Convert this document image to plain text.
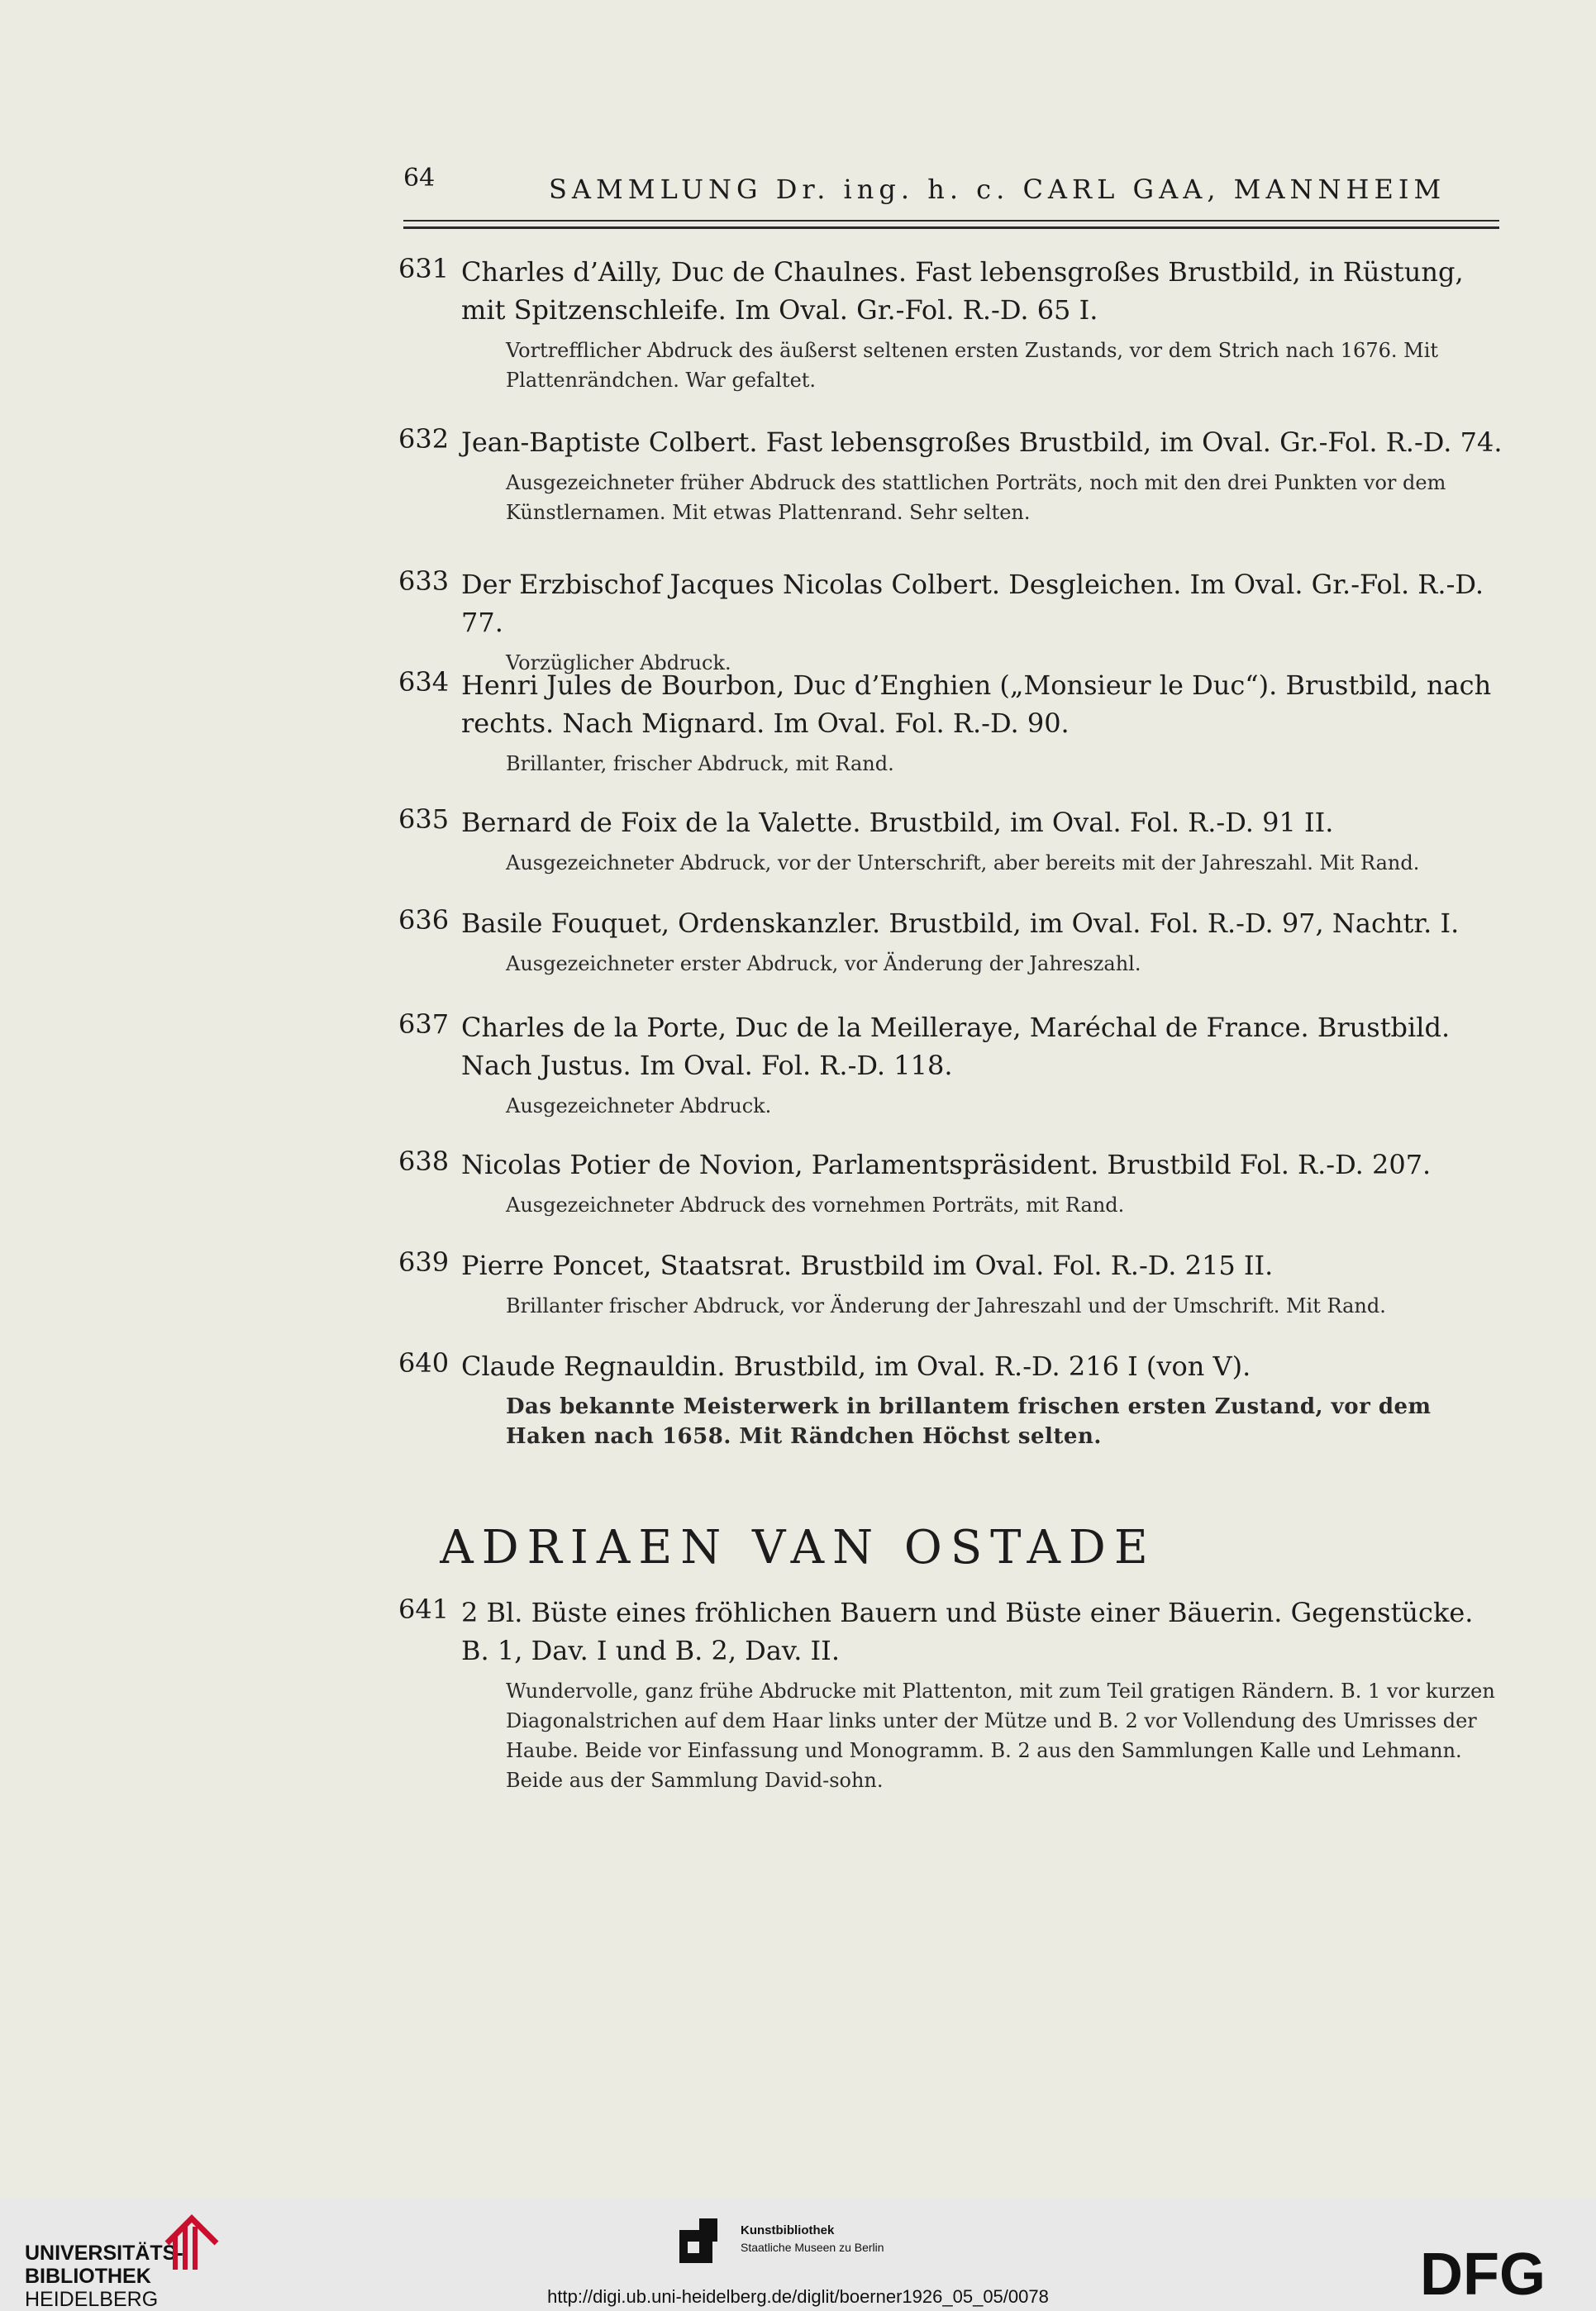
64	SAMMLUNG Dr. ing. h. c. CARL GAA, MANNHEIM
631 Charles d’Ailly, Duc de Chaulnes. Fast lebensgroßes Brustbild, in Rüstung, mit Spitzenschleife. Im Oval. Gr.-Fol. R.-D. 65 I.
Vortrefflicher Abdruck des äußerst seltenen ersten Zustands, vor dem Strich nach 1676. Mit Plattenrändchen. War gefaltet.
632 Jean-Baptiste Colbert. Fast lebensgroßes Brustbild, im Oval. Gr.-Fol. R.-D. 74.
Ausgezeichneter früher Abdruck des stattlichen Porträts, noch mit den drei Punkten vor dem Künstlernamen. Mit etwas Plattenrand. Sehr selten.
633 Der Erzbischof Jacques Nicolas Colbert. Desgleichen. Im Oval. Gr.-Fol. R.-D. 77.
Vorzüglicher Abdruck.
634 Henri Jules de Bourbon, Duc d’Enghien („Monsieur le Duc“). Brustbild, nach rechts. Nach Mignard. Im Oval. Fol. R.-D. 90.
Brillanter, frischer Abdruck, mit Rand.
635 Bernard de Foix de la Valette. Brustbild, im Oval. Fol. R.-D. 91 II.
Ausgezeichneter Abdruck, vor der Unterschrift, aber bereits mit der Jahreszahl. Mit Rand.
636 Basile Fouquet, Ordenskanzler. Brustbild, im Oval. Fol. R.-D. 97, Nachtr. I.
Ausgezeichneter erster Abdruck, vor Änderung der Jahreszahl.
637 Charles de la Porte, Duc de la Meilleraye, Maréchal de France. Brustbild. Nach Justus. Im Oval. Fol. R.-D. 118.
Ausgezeichneter Abdruck.
638 Nicolas Potier de Novion, Parlamentspräsident. Brustbild Fol. R.-D. 207.
Ausgezeichneter Abdruck des vornehmen Porträts, mit Rand.
639 Pierre Poncet, Staatsrat. Brustbild im Oval. Fol. R.-D. 215 II.
Brillanter frischer Abdruck, vor Änderung der Jahreszahl und der Umschrift. Mit Rand.
640 Claude Regnauldin. Brustbild, im Oval. R.-D. 216 I (von V).
Das bekannte Meisterwerk in brillantem frischen ersten Zustand, vor dem Haken nach 1658. Mit Rändchen Höchst selten.
ADRIAEN VAN OSTADE
641 2 Bl. Büste eines fröhlichen Bauern und Büste einer Bäuerin. Gegenstücke. B. 1, Dav. I und B. 2, Dav. II.
Wundervolle, ganz frühe Abdrucke mit Plattenton, mit zum Teil gratigen Rändern. B. 1 vor kurzen Diagonalstrichen auf dem Haar links unter der Mütze und B. 2 vor Vollendung des Umrisses der Haube. Beide vor Einfassung und Monogramm. B. 2 aus den Sammlungen Kalle und Lehmann. Beide aus der Sammlung David-sohn.
UNIVERSITÄTS-
BIBLIOTHEK
HEIDELBERG
Kunstbibliothek
Staatliche Museen zu Berlin	DFG
http://digi.ub.uni-heidelberg.de/diglit/boerner1926_05_05/0078
